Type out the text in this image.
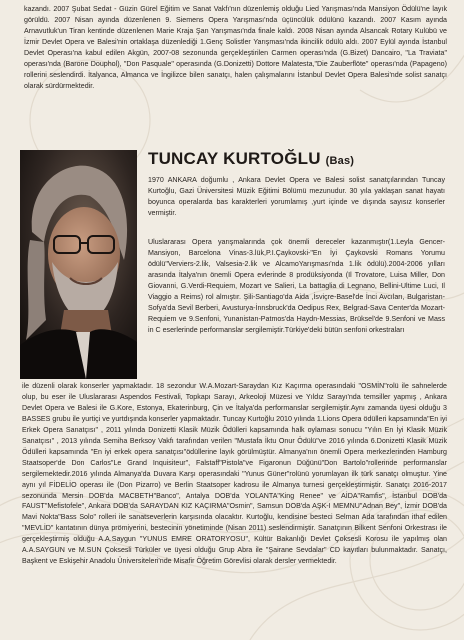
kazandı. 2007 Şubat Sedat - Güzin Gürel Eğitim ve Sanat Vakfı'nın düzenlemiş olduğu Lied Yarışması'nda Mansiyon Ödülü'ne layık görüldü. 2007 Nisan ayında düzenlenen 9. Siemens Opera Yarışması'nda üçüncülük ödülünü kazandı. 2007 Kasım ayında Arnavutluk'un Tiran kentinde düzenlenen Marie Kraja Şan Yarışması'nda finale kaldı. 2008 Nisan ayında Alsancak Rotary Kulübü ve İzmir Devlet Opera ve Balesi'nin ortaklaşa düzenlediği 1.Genç Solistler Yarışması'nda ikincilik ödülü aldı. 2007 Eylül ayında İstanbul Devlet Operası'na kabul edilen Akgün, 2007-08 sezonunda gerçekleştirilen Carmen operası'nda (G.Bizet) Dancairo, "La Traviata" operası'nda (Barone Douphol), "Don Pasquale" operasında (G.Donizetti) Dottore Malatesta,"Die Zauberflöte" operası'nda (Papageno) rollerini seslendirdi. İtalyanca, Almanca ve İngilizce bilen sanatçı, halen çalışmalarını İstanbul Devlet Opera Balesi'nde solist sanatçı olarak sürdürmektedir.

TUNCAY KURTOĞLU (Bas)

1970 ANKARA doğumlu , Ankara Devlet Opera ve Balesi solist sanatçılarından Tuncay Kurtoğlu, Gazi Üniversitesi Müzik Eğitimi Bölümü mezunudur. 30 yıla yaklaşan sanat hayatı boyunca operalarda bas karakterleri yorumlamış ,yurt içinde ve dışında sayısız konserler vermiştir.

Uluslararası Opera yarışmalarında çok önemli dereceler kazanmıştır(1.Leyla Gencer-Mansiyon, Barcelona Vinas-3.lük,P.I.Çaykovski-"En İyi Çaykovski Romans Yorumu ödülü"Verviers-2.lik, Valsesia-2.lik ve AlcamoYarışması'nda 1.lik ödülü).2004-2006 yılları arasında İtalya'nın önemli Opera evlerinde 8 prodüksiyonda (Il Trovatore, Luisa Miller, Don Giovanni, G.Verdi-Requiem, Mozart ve Salieri, La battaglia di Legnano, Bellini-Ultime Luci, Il Viaggio a Reims) rol almıştır. Şili-Santiago'da Aida ,İsviçre-Basel'de İnci Avcıları, Bulgaristan-Sofya'da Sevil Berberi, Avusturya-İnnsbruck'da Oedipus Rex, Belgrad-Sava Center'da Mozart-Requiem ve 9.Senfoni, Yunanistan-Patmos'da Haydn-Messias, Brüksel'de 9.Senfoni ve Mass in C eserlerinde performanslar sergilemiştir.Türkiye'deki bütün senfoni orkestraları

ile düzenli olarak konserler yapmaktadır. 18 sezondur W.A.Mozart-Saraydan Kız Kaçırma operasındaki "OSMİN"rolü ile sahnelerde olup, bu eser ile Uluslararası Aspendos Festivali, Topkapı Sarayı, Arkeoloji Müzesi ve Yıldız Sarayı'nda temsiller yapmış , Ankara Devlet Opera ve Balesi ile G.Kore, Estonya, Ekaterinburg, Çin ve İtalya'da performanslar sergilemiştir.Aynı zamanda üyesi olduğu 3 BASSES grubu ile yurtiçi ve yurtdışında konserler yapmaktadır. Tuncay Kurtoğlu 2010 yılında 1.Lions Opera ödülleri kapsamında"En iyi Erkek Opera Sanatçısı" , 2011 yılında Donizetti Klasik Müzik Ödülleri kapsamında halk oylaması sonucu "Yılın En İyi Klasik Müzik Sanatçısı" , 2013 yılında Semiha Berksoy Vakfı tarafından verilen "Mustafa İktu Onur Ödülü"ve 2016 yılında 6.Donizetti Klasik Müzik Ödülleri kapsamında "En iyi erkek opera sanatçısı"ödüllerine layık görülmüştür. Almanya'nın önemli Opera merkezlerinden Hamburg Staatsoper'de Don Carlos"Le Grand Inquisiteur", Falstaff"Pistola"ve Figaronun Düğünü"Don Bartolo"rollerinde performanslar sergilemektedir.2016 yılında Almanya'da Duvara Karşı operasındaki "Yunus Güner"rolünü yorumlayan ilk türk sanatçı olmuştur. Yine aynı yıl FİDELİO operası ile (Don Pizarro) ve Berlin Staatsoper kadrosu ile Almanya turnesi gerçekleştirmiştir. Sanatçı 2016-2017 sezonunda Mersin DOB'da MACBETH"Banco", Antalya DOB'da YOLANTA"King Renee" ve AİDA"Ramfis", İstanbul DOB'da FAUST"Mefistofele", Ankara DOB'da SARAYDAN KIZ KAÇIRMA"Osmin", Samsun DOB'da AŞK-I MEMNU"Adnan Bey", İzmir DOB'da Mavi Nokta"Bass Solo" rolleri ile sanatseverlerin karşısında olacaktır. Kurtoğlu, kendisine besteci Selman Ada tarafından ithaf edilen "MEVLİD" kantatının dünya prömiyerini, bestecinin yönetiminde (Nisan 2011) seslendirmiştir. Sanatçının Bilkent Senfoni Orkestrası ile gerçekleştirmiş olduğu A.A.Saygun "YUNUS EMRE ORATORYOSU", Kültür Bakanlığı Devlet Çoksesli Korosu ile yapılmış olan A.A.SAYGUN ve M.SUN Çoksesli Türküler ve üyesi olduğu Grup Abra ile "Şairane Sevdalar" CD kayıtları bulunmaktadır. Sanatçı, Başkent ve Eskişehir Anadolu Üniversiteleri'nde Misafir Öğretim Görevlisi olarak dersler vermektedir.
